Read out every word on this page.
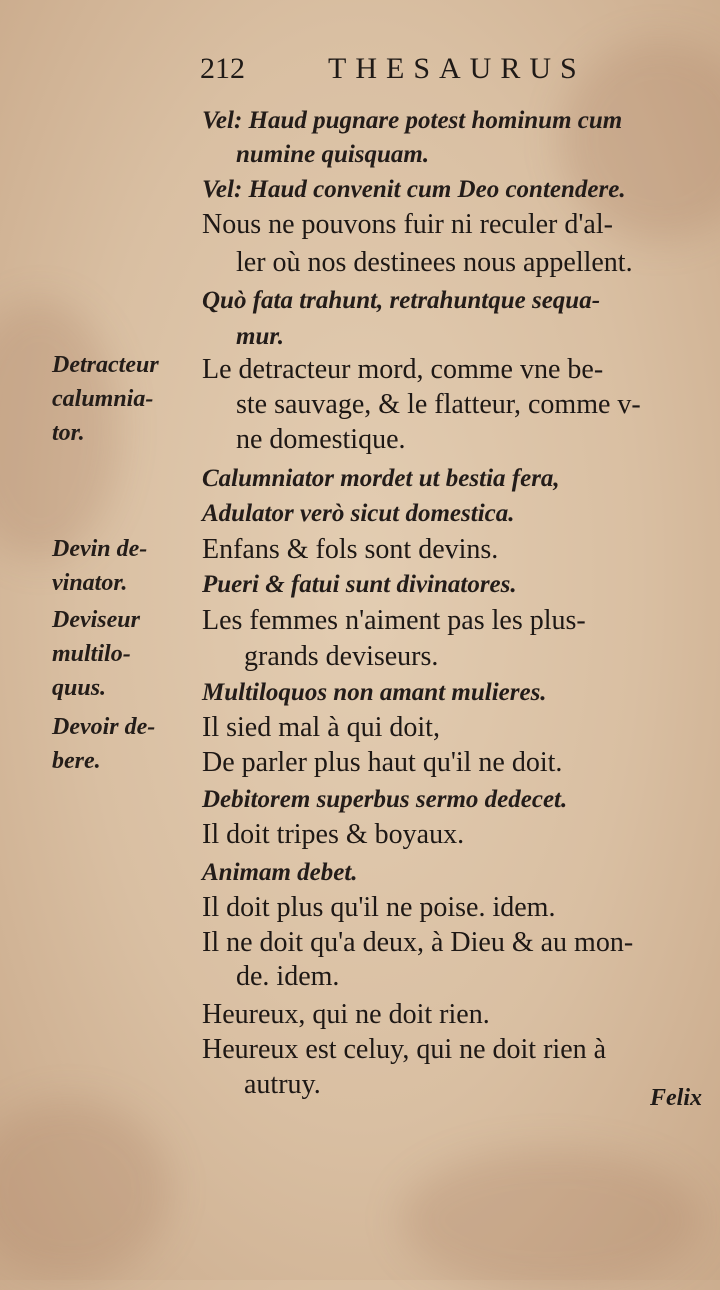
212	THESAURUS
Detracteur
calumnia-
tor.
Devin de-
vinator.
Deviseur
multilo-
quus.
Devoir de-
bere.
Vel: Haud pugnare potest hominum cum
numine quisquam.
Vel: Haud convenit cum Deo contendere.
Nous ne pouvons fuir ni reculer d'al-
ler où nos destinees nous appellent.
Quò fata trahunt, retrahuntque sequa-
mur.
Le detracteur mord, comme vne be-
ste sauvage, & le flatteur, comme v-
ne domestique.
Calumniator mordet ut bestia fera,
Adulator verò sicut domestica.
Enfans & fols sont devins.
Pueri & fatui sunt divinatores.
Les femmes n'aiment pas les plus-
grands deviseurs.
Multiloquos non amant mulieres.
Il sied mal à qui doit,
De parler plus haut qu'il ne doit.
Debitorem superbus sermo dedecet.
Il doit tripes & boyaux.
Animam debet.
Il doit plus qu'il ne poise. idem.
Il ne doit qu'a deux, à Dieu & au mon-
de. idem.
Heureux, qui ne doit rien.
Heureux est celuy, qui ne doit rien à
autruy.	Felix
